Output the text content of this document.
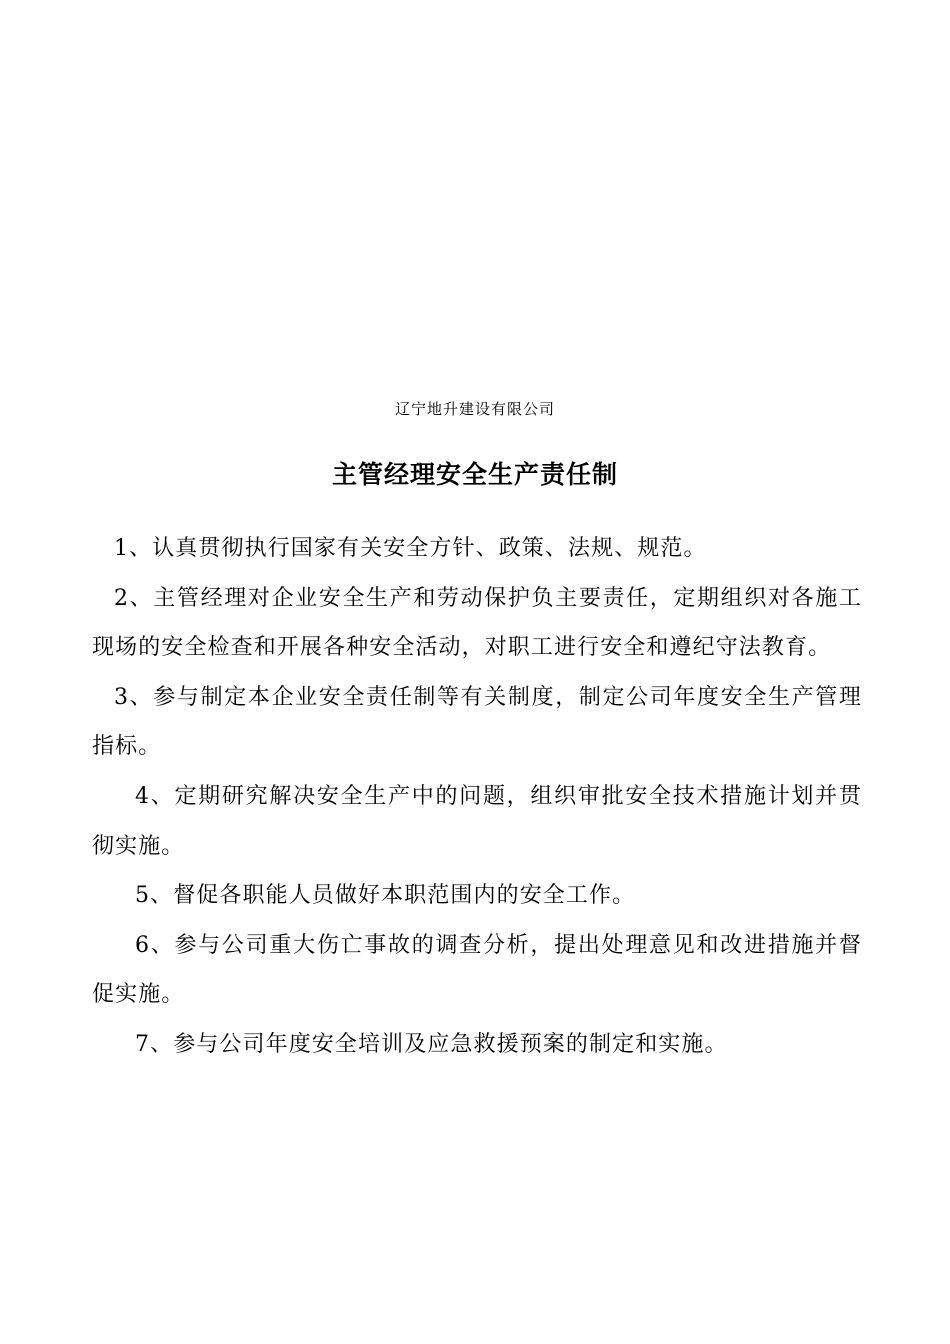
辽宁地升建设有限公司
主管经理安全生产责任制

1、认真贯彻执行国家有关安全方针、政策、法规、规范。

2、主管经理对企业安全生产和劳动保护负主要责任，定期组织对各施工现场的安全检查和开展各种安全活动，对职工进行安全和遵纪守法教育。

3、参与制定本企业安全责任制等有关制度，制定公司年度安全生产管理指标。

4、定期研究解决安全生产中的问题，组织审批安全技术措施计划并贯彻实施。

5、督促各职能人员做好本职范围内的安全工作。

6、参与公司重大伤亡事故的调查分析，提出处理意见和改进措施并督促实施。

7、参与公司年度安全培训及应急救援预案的制定和实施。
